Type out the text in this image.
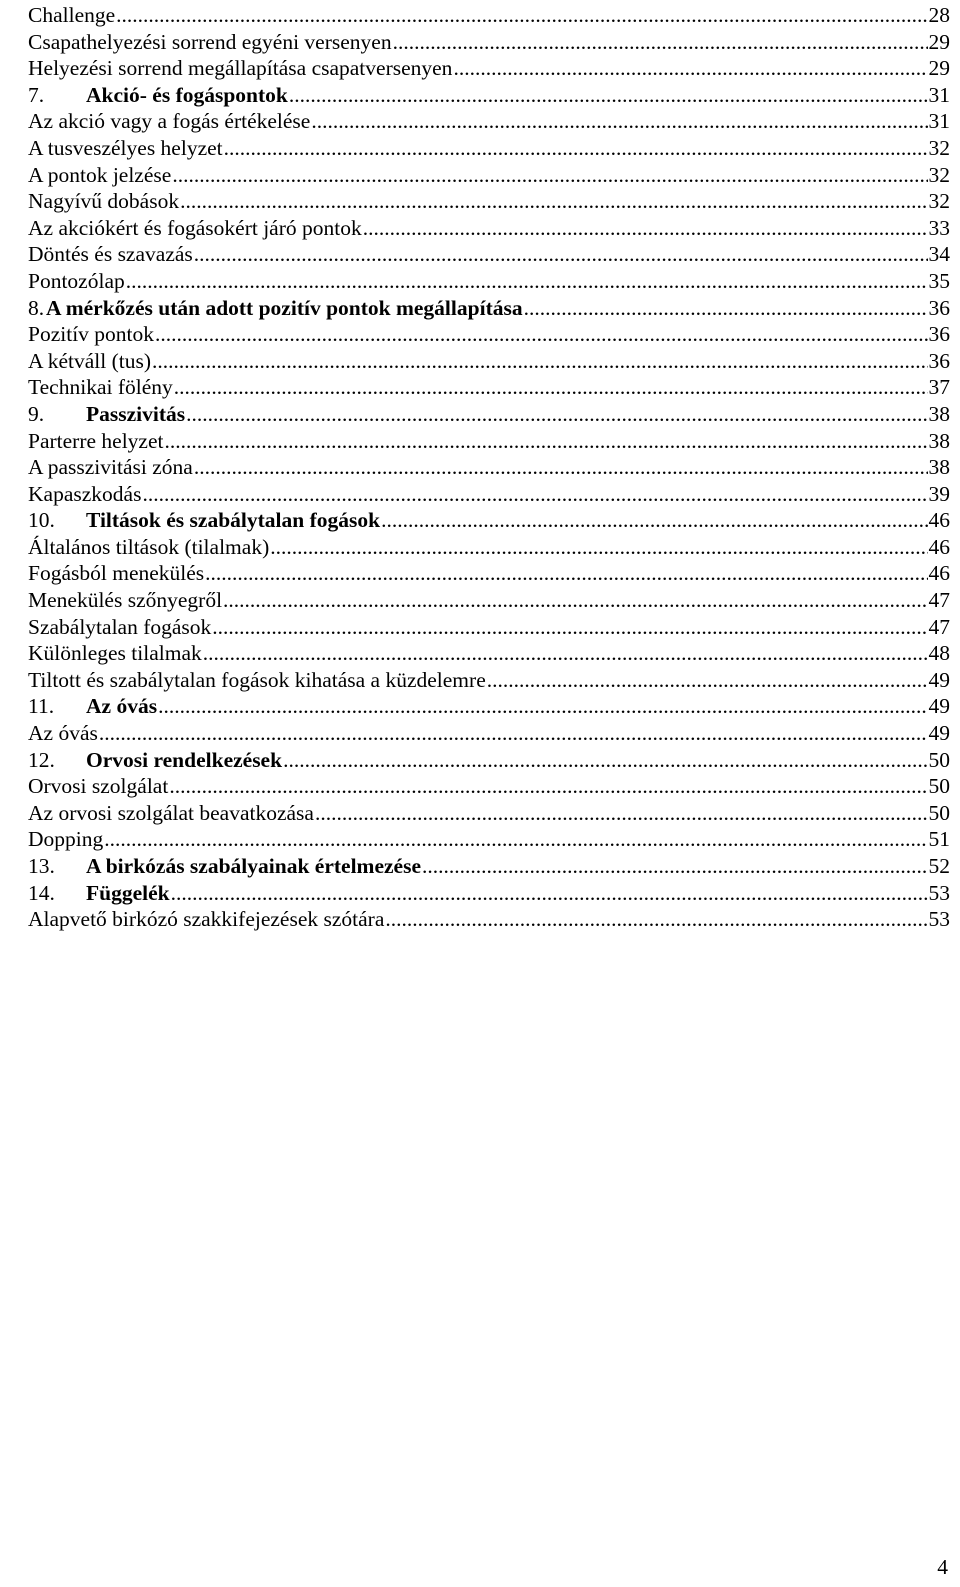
Challenge .....	28
Csapathelyezési sorrend egyéni versenyen .....	29
Helyezési sorrend megállapítása csapatversenyen .....	29
7.	Akció- és fogáspontok .....	31
Az akció vagy a fogás értékelése .....	31
A tusveszélyes helyzet .....	32
A pontok jelzése .....	32
Nagyívű dobások .....	32
Az akciókért és fogásokért járó pontok .....	33
Döntés és szavazás .....	34
Pontozólap .....	35
8. A mérkőzés után adott pozitív pontok megállapítása .....	36
Pozitív pontok .....	36
A kétváll (tus) .....	36
Technikai fölény .....	37
9.	Passzivitás .....	38
Parterre helyzet .....	38
A passzivitási zóna .....	38
Kapaszkodás .....	39
10.	Tiltások és szabálytalan fogások .....	46
Általános tiltások (tilalmak) .....	46
Fogásból menekülés .....	46
Menekülés szőnyegről .....	47
Szabálytalan fogások .....	47
Különleges tilalmak .....	48
Tiltott és szabálytalan fogások kihatása a küzdelemre .....	49
11.	Az óvás .....	49
Az óvás .....	49
12.	Orvosi rendelkezések .....	50
Orvosi szolgálat .....	50
Az orvosi szolgálat beavatkozása .....	50
Dopping .....	51
13.	A birkózás szabályainak értelmezése .....	52
14.	Függelék .....	53
Alapvető birkózó szakkifejezések szótára .....	53
4
